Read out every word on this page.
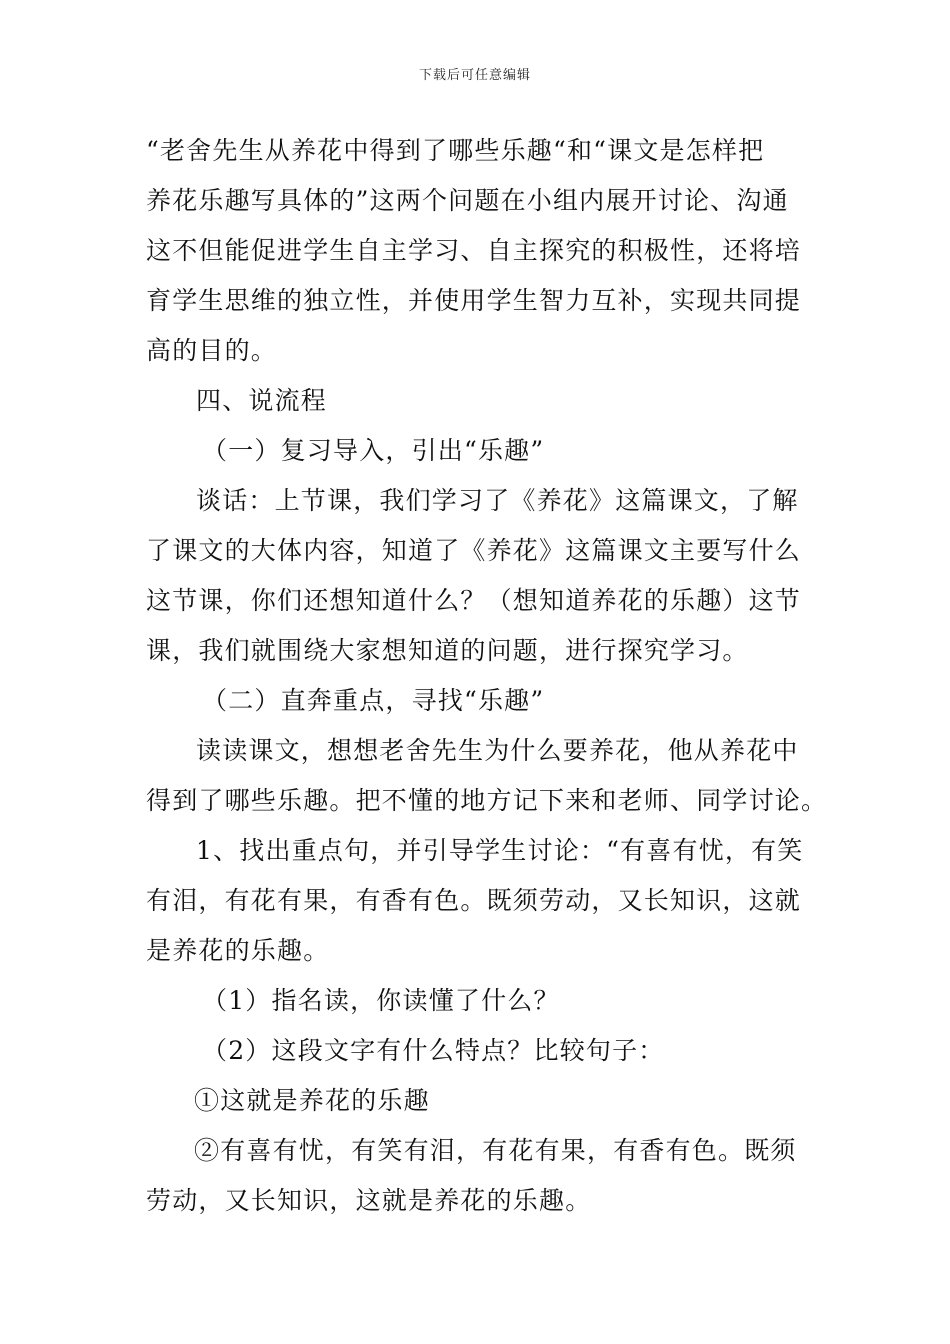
下载后可任意编辑
“老舍先生从养花中得到了哪些乐趣“和“课文是怎样把
养花乐趣写具体的”这两个问题在小组内展开讨论、沟通
这不但能促进学生自主学习、自主探究的积极性，还将培
育学生思维的独立性，并使用学生智力互补，实现共同提
高的目的。
四、说流程
（一）复习导入，引出“乐趣”
谈话：上节课，我们学习了《养花》这篇课文，了解
了课文的大体内容，知道了《养花》这篇课文主要写什么
这节课，你们还想知道什么？（想知道养花的乐趣）这节
课，我们就围绕大家想知道的问题，进行探究学习。
（二）直奔重点，寻找“乐趣”
读读课文，想想老舍先生为什么要养花，他从养花中
得到了哪些乐趣。把不懂的地方记下来和老师、同学讨论。
1、找出重点句，并引导学生讨论：“有喜有忧，有笑
有泪，有花有果，有香有色。既须劳动，又长知识，这就
是养花的乐趣。
（1）指名读，你读懂了什么？
（2）这段文字有什么特点？比较句子：
①这就是养花的乐趣
②有喜有忧，有笑有泪，有花有果，有香有色。既须
劳动，又长知识，这就是养花的乐趣。
